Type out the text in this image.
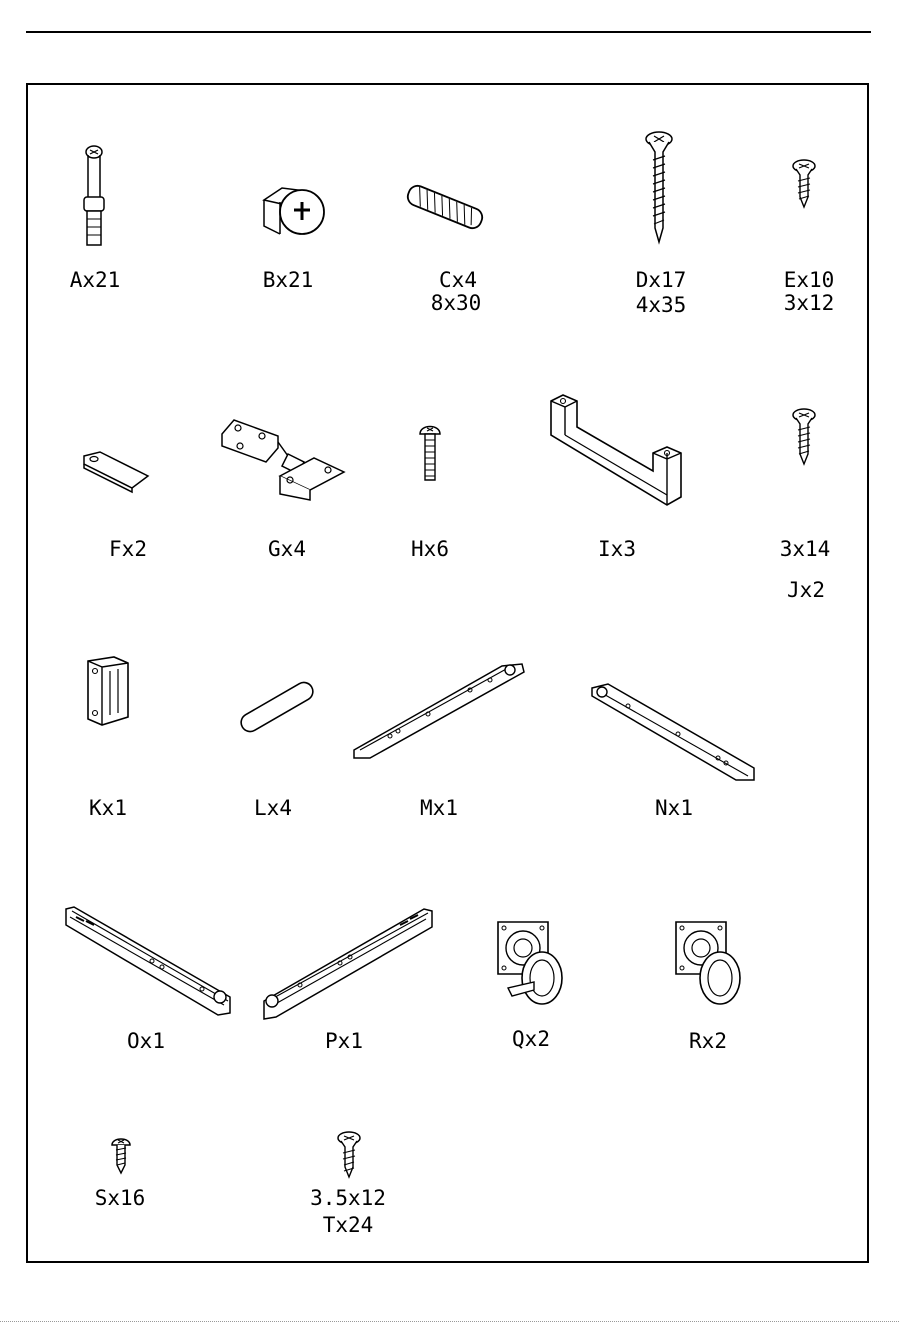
Ax21	Bx21	Cx4
8x30
Dx17
4x35
Ex10
3x12
Fx2	Gx4	Hx6	Ix3	3x14
Jx2
Kx1	Lx4	Mx1	Nx1
Ox1	Px1	Qx2	Rx2
Sx16	3.5x12
Tx24
